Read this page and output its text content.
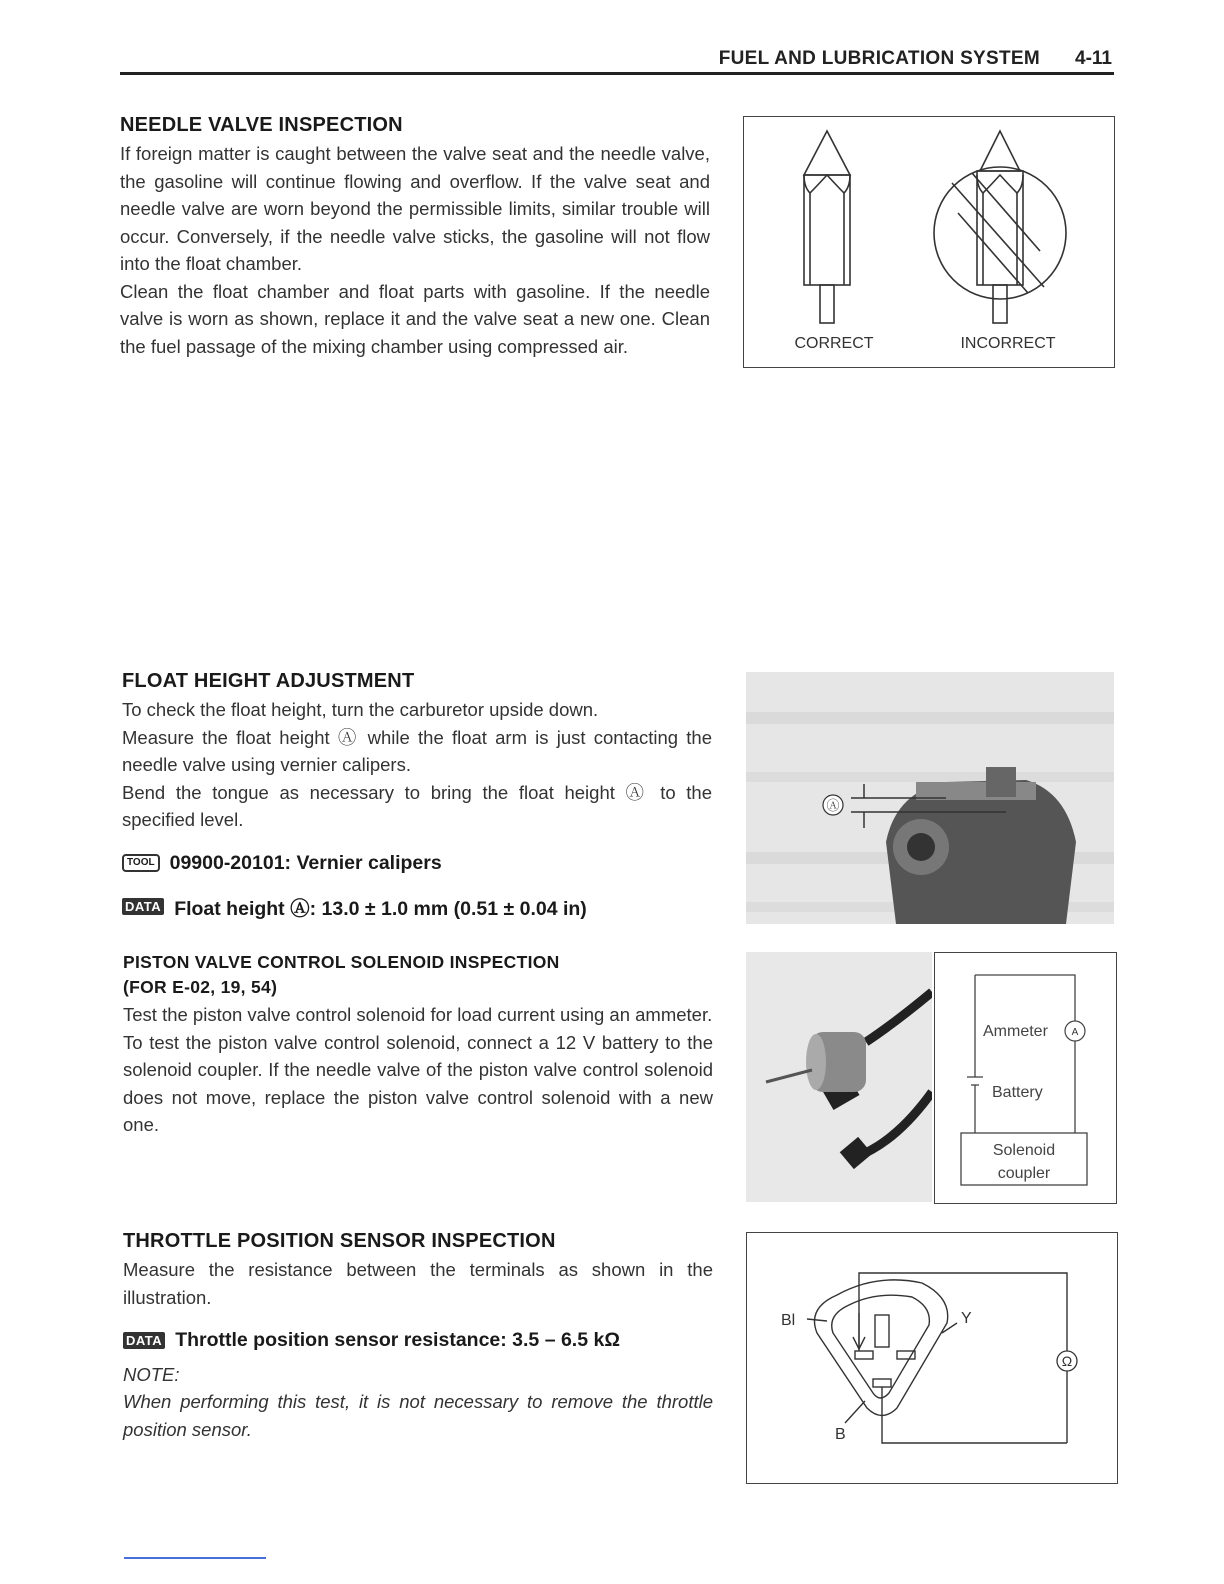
FUEL AND LUBRICATION SYSTEM 4-11
NEEDLE VALVE INSPECTION

If foreign matter is caught between the valve seat and the needle valve, the gasoline will continue flowing and overflow. If the valve seat and needle valve are worn beyond the permissible limits, similar trouble will occur. Conversely, if the needle valve sticks, the gasoline will not flow into the float chamber.

Clean the float chamber and float parts with gasoline. If the needle valve is worn as shown, replace it and the valve seat a new one. Clean the fuel passage of the mixing chamber using compressed air.	CORRECT	INCORRECT
FLOAT HEIGHT ADJUSTMENT

To check the float height, turn the carburetor upside down.

Measure the float height Ⓐ while the float arm is just contacting the needle valve using vernier calipers.

Bend the tongue as necessary to bring the float height Ⓐ to the specified level.

TOOL 09900-20101: Vernier calipers
DATA Float height Ⓐ: 13.0 ± 1.0 mm (0.51 ± 0.04 in)
Ⓐ
PISTON VALVE CONTROL SOLENOID INSPECTION
(FOR E-02, 19, 54)

Test the piston valve control solenoid for load current using an ammeter.

To test the piston valve control solenoid, connect a 12 V battery to the solenoid coupler. If the needle valve of the piston valve control solenoid does not move, replace the piston valve control solenoid with a new one.

A
Ammeter
Battery
Solenoid
coupler
THROTTLE POSITION SENSOR INSPECTION

Measure the resistance between the terminals as shown in the illustration.

DATA Throttle position sensor resistance: 3.5 – 6.5 kΩ
NOTE:
When performing this test, it is not necessary to remove the throttle position sensor.
Ω
Bl	Y
B
